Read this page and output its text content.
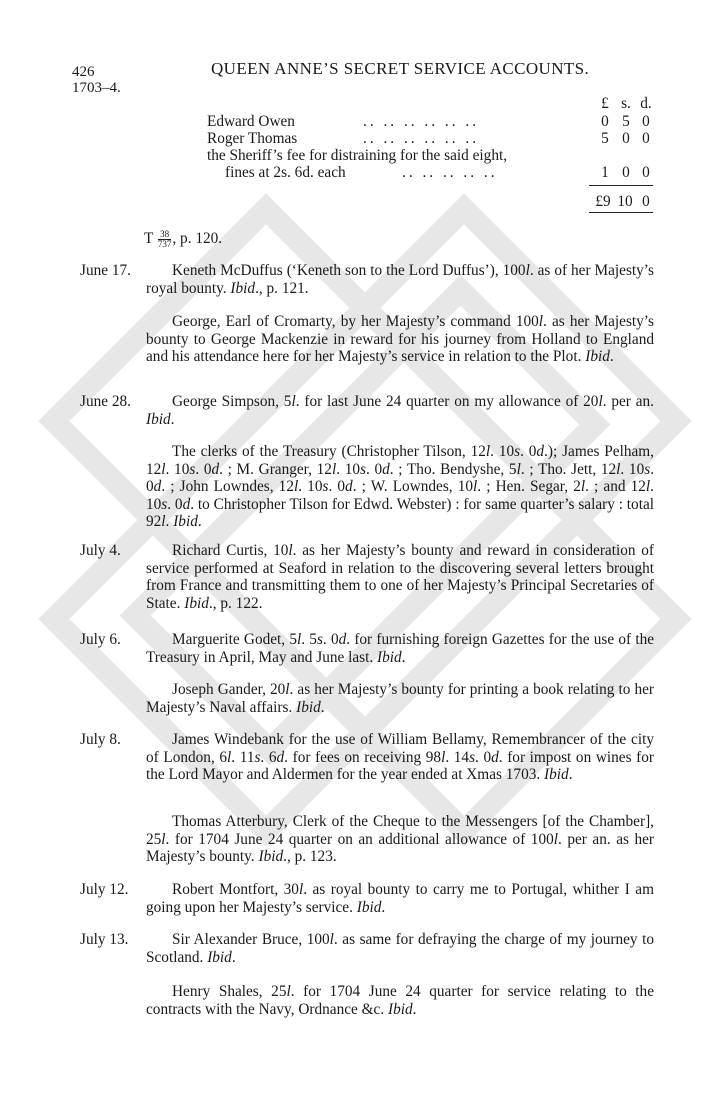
426	QUEEN ANNE’S SECRET SERVICE ACCOUNTS.
1703–4.
£ s. d.
Edward Owen	.. .. .. .. .. ..	0 5 0
Roger Thomas	.. .. .. .. .. ..	5 0 0
the Sheriff’s fee for distraining for the said eight,
fines at 2s. 6d. each	.. .. .. .. ..	1 0 0
£9 10 0
T $\frac{38}{737}$ , p. 120.
June 17.	Keneth McDuffus (‘Keneth son to the Lord Duffus’), 100l. as of her Majesty’s royal bounty. Ibid., p. 121.
George, Earl of Cromarty, by her Majesty’s command 100l. as her Majesty’s bounty to George Mackenzie in reward for his journey from Holland to England and his attendance here for her Majesty’s service in relation to the Plot. Ibid.
June 28.	George Simpson, 5l. for last June 24 quarter on my allowance of 20l. per an. Ibid.
The clerks of the Treasury (Christopher Tilson, 12l. 10s. 0d.); James Pelham, 12l. 10s. 0d. ; M. Granger, 12l. 10s. 0d. ; Tho. Bendyshe, 5l. ; Tho. Jett, 12l. 10s. 0d. ; John Lowndes, 12l. 10s. 0d. ; W. Lowndes, 10l. ; Hen. Segar, 2l. ; and 12l. 10s. 0d. to Christopher Tilson for Edwd. Webster) : for same quarter’s salary : total 92l. Ibid.
July 4.	Richard Curtis, 10l. as her Majesty’s bounty and reward in consideration of service performed at Seaford in relation to the discovering several letters brought from France and transmitting them to one of her Majesty’s Principal Secretaries of State. Ibid., p. 122.
July 6.	Marguerite Godet, 5l. 5s. 0d. for furnishing foreign Gazettes for the use of the Treasury in April, May and June last. Ibid.
Joseph Gander, 20l. as her Majesty’s bounty for printing a book relating to her Majesty’s Naval affairs. Ibid.
July 8.	James Windebank for the use of William Bellamy, Remembrancer of the city of London, 6l. 11s. 6d. for fees on receiving 98l. 14s. 0d. for impost on wines for the Lord Mayor and Aldermen for the year ended at Xmas 1703. Ibid.
Thomas Atterbury, Clerk of the Cheque to the Messengers [of the Chamber], 25l. for 1704 June 24 quarter on an additional allowance of 100l. per an. as her Majesty’s bounty. Ibid., p. 123.
July 12.	Robert Montfort, 30l. as royal bounty to carry me to Portugal, whither I am going upon her Majesty’s service. Ibid.
July 13.	Sir Alexander Bruce, 100l. as same for defraying the charge of my journey to Scotland. Ibid.
Henry Shales, 25l. for 1704 June 24 quarter for service relating to the contracts with the Navy, Ordnance &c. Ibid.
